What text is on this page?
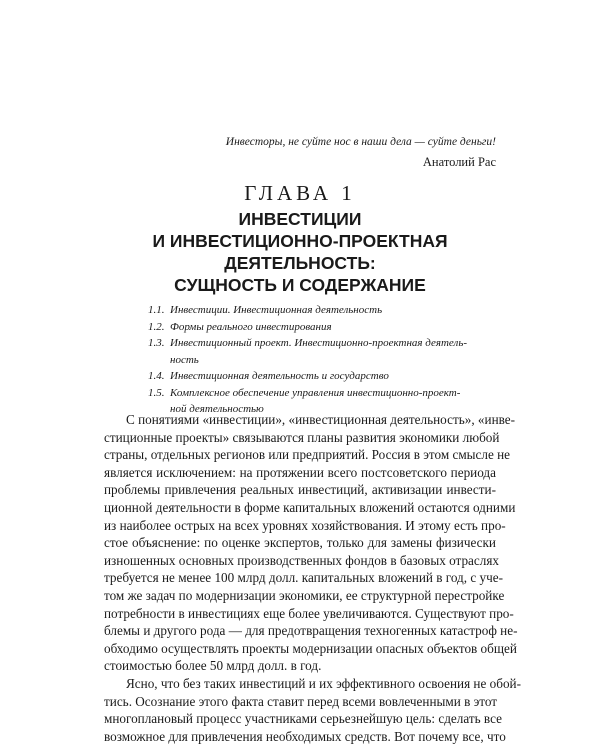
Инвесторы, не суйте нос в наши дела — суйте деньги!
Анатолий Рас
ГЛАВА 1
ИНВЕСТИЦИИ
И ИНВЕСТИЦИОННО-ПРОЕКТНАЯ
ДЕЯТЕЛЬНОСТЬ:
СУЩНОСТЬ И СОДЕРЖАНИЕ
1.1. Инвестиции. Инвестиционная деятельность
1.2. Формы реального инвестирования
1.3. Инвестиционный проект. Инвестиционно-проектная деятель-
ность
1.4. Инвестиционная деятельность и государство
1.5. Комплексное обеспечение управления инвестиционно-проект-
ной деятельностью
С понятиями «инвестиции», «инвестиционная деятельность», «инве-
стиционные проекты» связываются планы развития экономики любой
страны, отдельных регионов или предприятий. Россия в этом смысле не
является исключением: на протяжении всего постсоветского периода
проблемы привлечения реальных инвестиций, активизации инвести-
ционной деятельности в форме капитальных вложений остаются одними
из наиболее острых на всех уровнях хозяйствования. И этому есть про-
стое объяснение: по оценке экспертов, только для замены физически
изношенных основных производственных фондов в базовых отраслях
требуется не менее 100 млрд долл. капитальных вложений в год, с уче-
том же задач по модернизации экономики, ее структурной перестройке
потребности в инвестициях еще более увеличиваются. Существуют про-
блемы и другого рода — для предотвращения техногенных катастроф не-
обходимо осуществлять проекты модернизации опасных объектов общей
стоимостью более 50 млрд долл. в год.
Ясно, что без таких инвестиций и их эффективного освоения не обой-
тись. Осознание этого факта ставит перед всеми вовлеченными в этот
многоплановый процесс участниками серьезнейшую цель: сделать все
возможное для привлечения необходимых средств. Вот почему все, что
